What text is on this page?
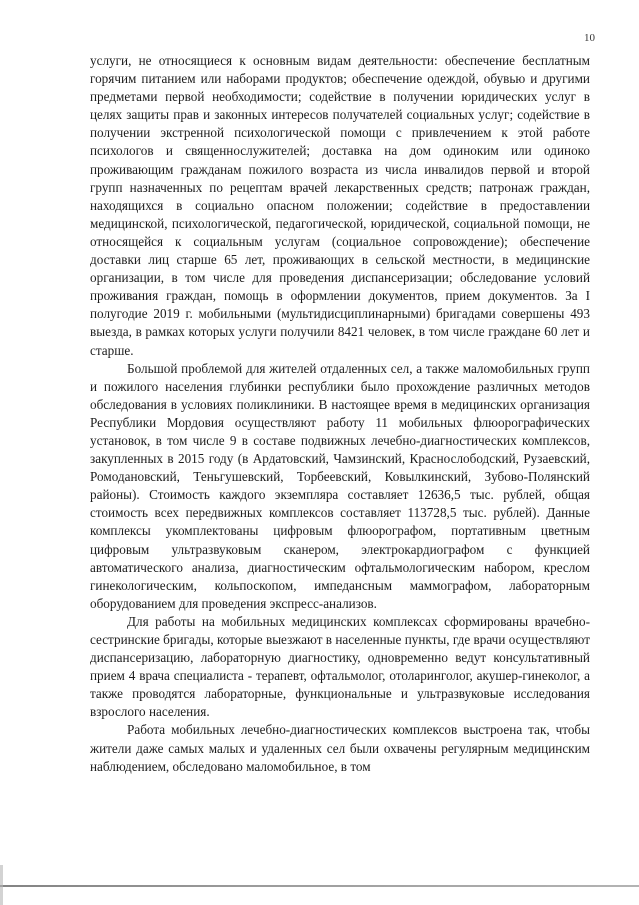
10

услуги, не относящиеся к основным видам деятельности: обеспечение бесплатным горячим питанием или наборами продуктов; обеспечение одеждой, обувью и другими предметами первой необходимости; содействие в получении юридических услуг в целях защиты прав и законных интересов получателей социальных услуг; содействие в получении экстренной психологической помощи с привлечением к этой работе психологов и священнослужителей; доставка на дом одиноким или одиноко проживающим гражданам пожилого возраста из числа инвалидов первой и второй групп назначенных по рецептам врачей лекарственных средств; патронаж граждан, находящихся в социально опасном положении; содействие в предоставлении медицинской, психологической, педагогической, юридической, социальной помощи, не относящейся к социальным услугам (социальное сопровождение); обеспечение доставки лиц старше 65 лет, проживающих в сельской местности, в медицинские организации, в том числе для проведения диспансеризации; обследование условий проживания граждан, помощь в оформлении документов, прием документов. За I полугодие 2019 г. мобильными (мультидисциплинарными) бригадами совершены 493 выезда, в рамках которых услуги получили 8421 человек, в том числе граждане 60 лет и старше.

Большой проблемой для жителей отдаленных сел, а также маломобильных групп и пожилого населения глубинки республики было прохождение различных методов обследования в условиях поликлиники. В настоящее время в медицинских организация Республики Мордовия осуществляют работу 11 мобильных флюорографических установок, в том числе 9 в составе подвижных лечебно-диагностических комплексов, закупленных в 2015 году (в Ардатовский, Чамзинский, Краснослободский, Рузаевский, Ромодановский, Теньгушевский, Торбеевский, Ковылкинский, Зубово-Полянский районы). Стоимость каждого экземпляра составляет 12636,5 тыс. рублей, общая стоимость всех передвижных комплексов составляет 113728,5 тыс. рублей). Данные комплексы укомплектованы цифровым флюорографом, портативным цветным цифровым ультразвуковым сканером, электрокардиографом с функцией автоматического анализа, диагностическим офтальмологическим набором, креслом гинекологическим, кольпоскопом, импедансным маммографом, лабораторным оборудованием для проведения экспресс-анализов.

Для работы на мобильных медицинских комплексах сформированы врачебно-сестринские бригады, которые выезжают в населенные пункты, где врачи осуществляют диспансеризацию, лабораторную диагностику, одновременно ведут консультативный прием 4 врача специалиста - терапевт, офтальмолог, отоларинголог, акушер-гинеколог, а также проводятся лабораторные, функциональные и ультразвуковые исследования взрослого населения.

Работа мобильных лечебно-диагностических комплексов выстроена так, чтобы жители даже самых малых и удаленных сел были охвачены регулярным медицинским наблюдением, обследовано маломобильное, в том
